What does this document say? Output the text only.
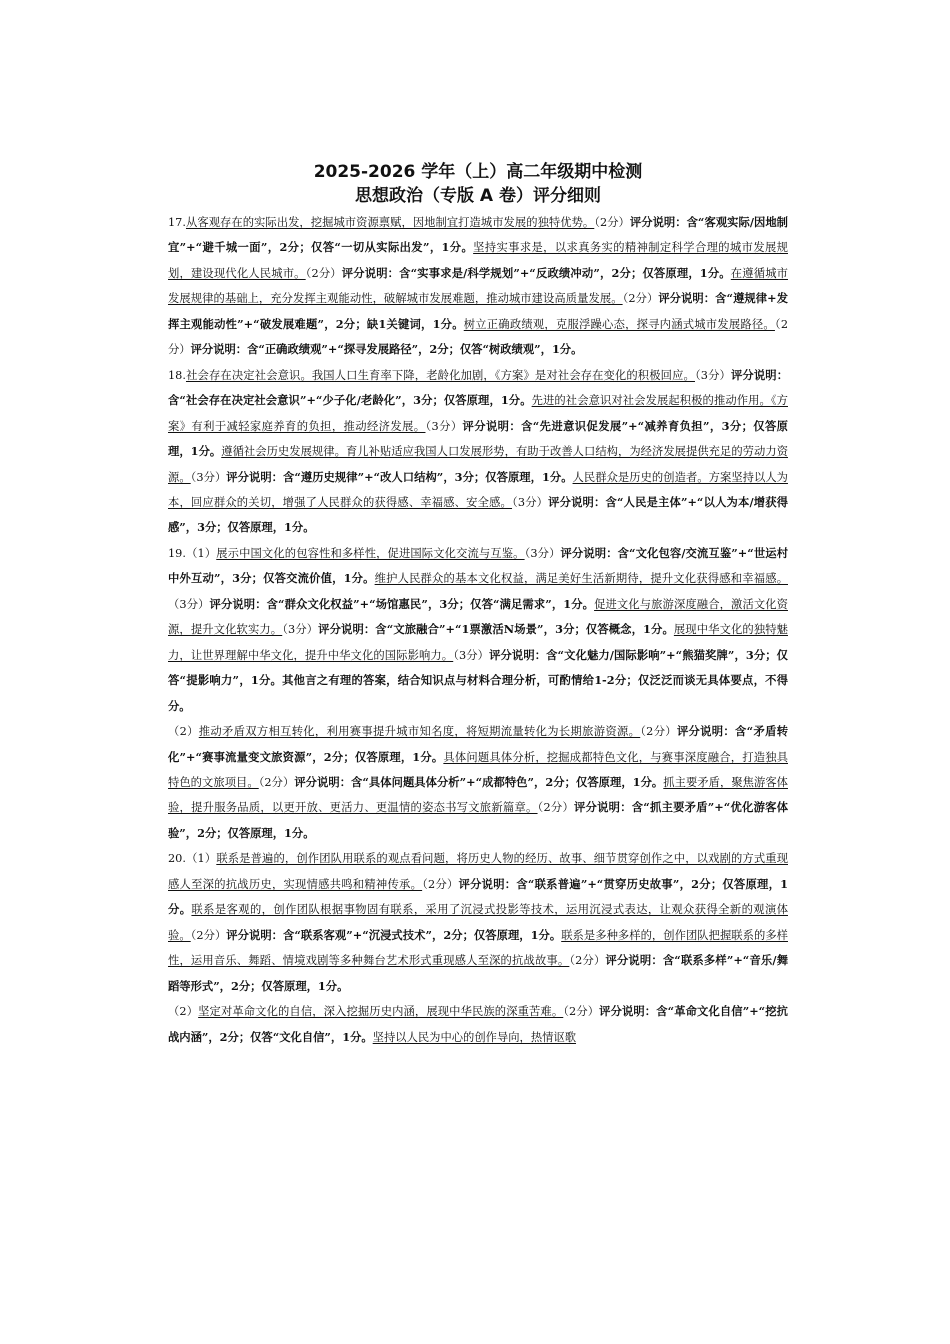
2025-2026 学年（上）高二年级期中检测
思想政治（专版 A 卷）评分细则

17.从客观存在的实际出发，挖掘城市资源禀赋，因地制宜打造城市发展的独特优势。（2分）评分说明：含“客观实际/因地制宜”+“避千城一面”，2分；仅答“一切从实际出发”，1分。坚持实事求是，以求真务实的精神制定科学合理的城市发展规划，建设现代化人民城市。（2分）评分说明：含“实事求是/科学规划”+“反政绩冲动”，2分；仅答原理，1分。在遵循城市发展规律的基础上，充分发挥主观能动性，破解城市发展难题，推动城市建设高质量发展。（2分）评分说明：含“遵规律+发挥主观能动性”+“破发展难题”，2分；缺1关键词，1分。树立正确政绩观，克服浮躁心态，探寻内涵式城市发展路径。（2分）评分说明：含“正确政绩观”+“探寻发展路径”，2分；仅答“树政绩观”，1分。

18.社会存在决定社会意识。我国人口生育率下降，老龄化加剧，《方案》是对社会存在变化的积极回应。（3分）评分说明：含“社会存在决定社会意识”+“少子化/老龄化”，3分；仅答原理，1分。先进的社会意识对社会发展起积极的推动作用。《方案》有利于减轻家庭养育的负担，推动经济发展。（3分）评分说明：含“先进意识促发展”+“减养育负担”，3分；仅答原理，1分。遵循社会历史发展规律。育儿补贴适应我国人口发展形势，有助于改善人口结构，为经济发展提供充足的劳动力资源。（3分）评分说明：含“遵历史规律”+“改人口结构”，3分；仅答原理，1分。人民群众是历史的创造者。方案坚持以人为本，回应群众的关切，增强了人民群众的获得感、幸福感、安全感。（3分）评分说明：含“人民是主体”+“以人为本/增获得感”，3分；仅答原理，1分。

19.（1）展示中国文化的包容性和多样性，促进国际文化交流与互鉴。（3分）评分说明：含“文化包容/交流互鉴”+“世运村中外互动”，3分；仅答交流价值，1分。维护人民群众的基本文化权益，满足美好生活新期待，提升文化获得感和幸福感。（3分）评分说明：含“群众文化权益”+“场馆惠民”，3分；仅答“满足需求”，1分。促进文化与旅游深度融合，激活文化资源，提升文化软实力。（3分）评分说明：含“文旅融合”+“1票激活N场景”，3分；仅答概念，1分。展现中华文化的独特魅力，让世界理解中华文化，提升中华文化的国际影响力。（3分）评分说明：含“文化魅力/国际影响”+“熊猫奖牌”，3分；仅答“提影响力”，1分。其他言之有理的答案，结合知识点与材料合理分析，可酌情给1-2分；仅泛泛而谈无具体要点，不得分。

（2）推动矛盾双方相互转化，利用赛事提升城市知名度，将短期流量转化为长期旅游资源。（2分）评分说明：含“矛盾转化”+“赛事流量变文旅资源”，2分；仅答原理，1分。具体问题具体分析，挖掘成都特色文化，与赛事深度融合，打造独具特色的文旅项目。（2分）评分说明：含“具体问题具体分析”+“成都特色”，2分；仅答原理，1分。抓主要矛盾，聚焦游客体验，提升服务品质，以更开放、更活力、更温情的姿态书写文旅新篇章。（2分）评分说明：含“抓主要矛盾”+“优化游客体验”，2分；仅答原理，1分。

20.（1）联系是普遍的，创作团队用联系的观点看问题，将历史人物的经历、故事、细节贯穿创作之中，以戏剧的方式重现感人至深的抗战历史，实现情感共鸣和精神传承。（2分）评分说明：含“联系普遍”+“贯穿历史故事”，2分；仅答原理，1分。联系是客观的，创作团队根据事物固有联系，采用了沉浸式投影等技术，运用沉浸式表达，让观众获得全新的观演体验。（2分）评分说明：含“联系客观”+“沉浸式技术”，2分；仅答原理，1分。联系是多种多样的，创作团队把握联系的多样性，运用音乐、舞蹈、情境戏剧等多种舞台艺术形式重现感人至深的抗战故事。（2分）评分说明：含“联系多样”+“音乐/舞蹈等形式”，2分；仅答原理，1分。

（2）坚定对革命文化的自信，深入挖掘历史内涵，展现中华民族的深重苦难。（2分）评分说明：含“革命文化自信”+“挖抗战内涵”，2分；仅答“文化自信”，1分。坚持以人民为中心的创作导向，热情讴歌
